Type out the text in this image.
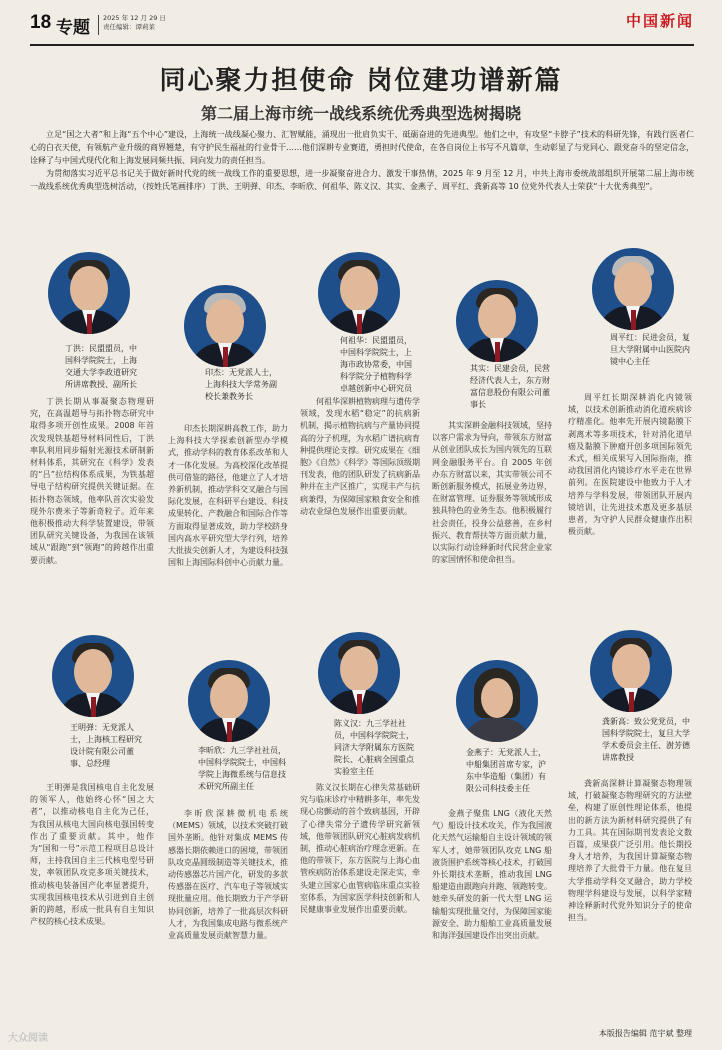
18 专题 2025 年 12 月 29 日
责任编辑：谭莉莱	中国新闻
同心聚力担使命 岗位建功谱新篇
第二届上海市统一战线系统优秀典型选树揭晓

立足“国之大者”和上海“五个中心”建设，上海统一战线凝心聚力、汇智赋能，涌现出一批肩负实干、砥砺奋进的先进典型。他们之中，有攻坚“卡脖子”技术的科研先锋，有践行医者仁心的白衣天使，有领航产业升级的商界翘楚，有守护民生福祉的行业骨干……他们深耕专业赛道，勇担时代使命，在各自岗位上书写不凡篇章，生动彰显了与党同心、跟党奋斗的坚定信念，诠释了与中国式现代化和上海发展同频共振、同向发力的责任担当。

为贯彻落实习近平总书记关于做好新时代党的统一战线工作的重要思想，进一步凝聚奋进合力、激发干事热情，2025 年 9 月至 12 月，中共上海市委统战部组织开展第二届上海市统一战线系统优秀典型选树活动，（按姓氏笔画排序）丁洪、王明弹、印杰、李昕欣、何祖华、陈义汉、其实、金燕子、周平红、龚新高等 10 位党外代表人士荣获“十大优秀典型”。

丁洪：民盟盟员，中国科学院院士，上海交通大学李政道研究所讲席教授、副所长
丁洪长期从事凝聚态物理研究，在高温超导与拓扑物态研究中取得多项开创性成果。2008 年首次发现铁基超导材料同性后，丁洪率队利用同步辐射光源技术研制新材料体系，其研究在《科学》发表的“吕”拉结构体系成果，为铁基超导电子结构研究提供关键证据。在拓扑物态领域，他率队首次实验发现外尔费米子等新奇粒子。近年来他积极推动大科学装置建设，带领团队研究关键设备，为我国在该领域从“跟跑”到“领跑”的跨越作出重要贡献。
印杰：无党派人士，上海科技大学常务副校长兼教务长
印杰长期深耕高教工作，助力上海科技大学探索创新型办学模式，推动学科的教育体系改革和人才一体化发展。为高校深化改革提供可借鉴的路径，他建立了人才培养新机制，推动学科交叉融合与国际化发展，在科研平台建设、科技成果转化、产教融合和国际合作等方面取得显著成效，助力学校跻身国内高水平研究型大学行列，培养大批拔尖创新人才，为建设科技强国和上海国际科创中心贡献力量。
何祖华：民盟盟员，中国科学院院士，上海市政协常委，中国科学院分子植物科学卓越创新中心研究员
何祖华深耕植物病理与遗传学领域，发现水稻“稳定”的抗病新机制，揭示植物抗病与产量协同提高的分子机理，为水稻广谱抗病育种提供理论支撑。研究成果在《细胞》《自然》《科学》等国际顶级期刊发表，他的团队研发了抗病新品种并在主产区推广，实现丰产与抗病兼得，为保障国家粮食安全和推动农业绿色发展作出重要贡献。
其实：民建会员，民营经济代表人士，东方财富信息股份有限公司董事长
其实深耕金融科技领域，坚持以客户需求为导向，带领东方财富从创业团队成长为国内领先的互联网金融服务平台。自 2005 年创办东方财富以来，其实带领公司不断创新服务模式，拓展业务边界，在财富管理、证券服务等领域形成独具特色的业务生态。他积极履行社会责任，投身公益慈善，在乡村振兴、教育帮扶等方面贡献力量，以实际行动诠释新时代民营企业家的家国情怀和使命担当。
周平红：民进会员，复旦大学附属中山医院内镜中心主任
周平红长期深耕消化内镜领域，以技术创新推动消化道疾病诊疗精准化。他率先开展内镜黏膜下剥离术等多项技术，针对消化道早癌及黏膜下肿瘤开创多项国际领先术式，相关成果写入国际指南，推动我国消化内镜诊疗水平走在世界前列。在医院建设中他致力于人才培养与学科发展，带领团队开展内镜培训，让先进技术惠及更多基层患者，为守护人民群众健康作出积极贡献。
王明弹：无党派人士，上海核工程研究设计院有限公司董事、总经理
王明弹是我国核电自主化发展的领军人，他始终心怀“国之大者”，以推动核电自主化为己任，为我国从核电大国向核电强国转变作出了重要贡献。其中，他作为“国和一号”示范工程项目总设计师，主持我国自主三代核电型号研发，率领团队攻克多项关键技术，推动核电装备国产化率显著提升，实现我国核电技术从引进到自主创新的跨越，形成一批具有自主知识产权的核心技术成果。
李昕欣：九三学社社员，中国科学院院士，中国科学院上海微系统与信息技术研究所副主任
李昕欣深耕微机电系统（MEMS）领域，以技术突破打破国外垄断。他针对集成 MEMS 传感器长期依赖进口的困境，带领团队攻克晶圆级制造等关键技术，推动传感器芯片国产化，研发的多款传感器在医疗、汽车电子等领域实现批量应用。他长期致力于产学研协同创新，培养了一批高层次科研人才，为我国集成电路与微系统产业高质量发展贡献智慧力量。
陈义汉：九三学社社员，中国科学院院士，同济大学附属东方医院院长、心脏病全国重点实验室主任
陈义汉长期在心律失常基础研究与临床诊疗中精耕多年，率先发现心房颤动的首个致病基因，开辟了心律失常分子遗传学研究新领域，他带领团队研究心脏病发病机制，推动心脏病治疗理念更新。在他的带领下，东方医院与上海心血管疾病防治体系建设走深走实，牵头建立国家心血管病临床重点实验室体系，为国家医学科技创新和人民健康事业发展作出重要贡献。
金燕子：无党派人士，中船集团首席专家，沪东中华造船（集团）有限公司科技委主任
金燕子聚焦 LNG（液化天然气）船设计技术攻关，作为我国液化天然气运输船自主设计领域的领军人才，她带领团队攻克 LNG 船液货围护系统等核心技术，打破国外长期技术垄断，推动我国 LNG 船建造由跟跑向并跑、领跑转变。她牵头研发的新一代大型 LNG 运输船实现批量交付，为保障国家能源安全、助力船舶工业高质量发展和海洋强国建设作出突出贡献。
龚新高：致公党党员，中国科学院院士，复旦大学学术委员会主任、澍芳德讲席教授
龚新高深耕计算凝聚态物理领域，打破凝聚态物理研究的方法壁垒，构建了原创性理论体系，他提出的新方法为新材料研究提供了有力工具。其在国际期刊发表论文数百篇，成果获广泛引用。他长期投身人才培养，为我国计算凝聚态物理培养了大批骨干力量。他在复旦大学推动学科交叉融合，助力学校物理学科建设与发展，以科学家精神诠释新时代党外知识分子的使命担当。
本版报告编辑 范宇斌 整理
大众阅读
